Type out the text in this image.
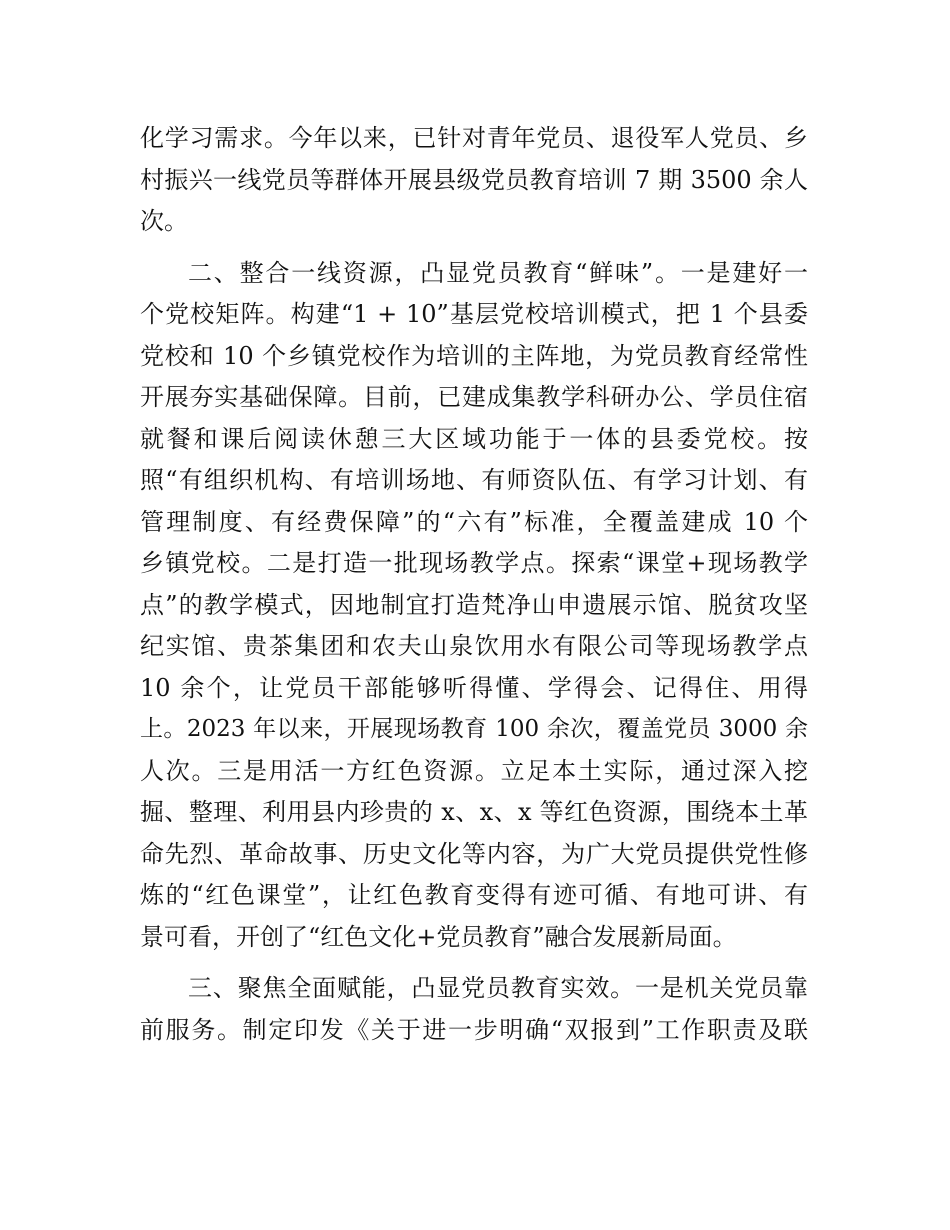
化学习需求。今年以来，已针对青年党员、退役军人党员、乡
村振兴一线党员等群体开展县级党员教育培训 7 期 3500 余人
次。
二、整合一线资源，凸显党员教育“鲜味”。一是建好一
个党校矩阵。构建“1 + 10”基层党校培训模式，把 1 个县委
党校和 10 个乡镇党校作为培训的主阵地，为党员教育经常性
开展夯实基础保障。目前，已建成集教学科研办公、学员住宿
就餐和课后阅读休憩三大区域功能于一体的县委党校。按
照“有组织机构、有培训场地、有师资队伍、有学习计划、有
管理制度、有经费保障”的“六有”标准，全覆盖建成 10 个
乡镇党校。二是打造一批现场教学点。探索“课堂+现场教学
点”的教学模式，因地制宜打造梵净山申遗展示馆、脱贫攻坚
纪实馆、贵茶集团和农夫山泉饮用水有限公司等现场教学点
10 余个，让党员干部能够听得懂、学得会、记得住、用得
上。2023 年以来，开展现场教育 100 余次，覆盖党员 3000 余
人次。三是用活一方红色资源。立足本土实际，通过深入挖
掘、整理、利用县内珍贵的 x、x、x 等红色资源，围绕本土革
命先烈、革命故事、历史文化等内容，为广大党员提供党性修
炼的“红色课堂”，让红色教育变得有迹可循、有地可讲、有
景可看，开创了“红色文化+党员教育”融合发展新局面。
三、聚焦全面赋能，凸显党员教育实效。一是机关党员靠
前服务。制定印发《关于进一步明确“双报到”工作职责及联
